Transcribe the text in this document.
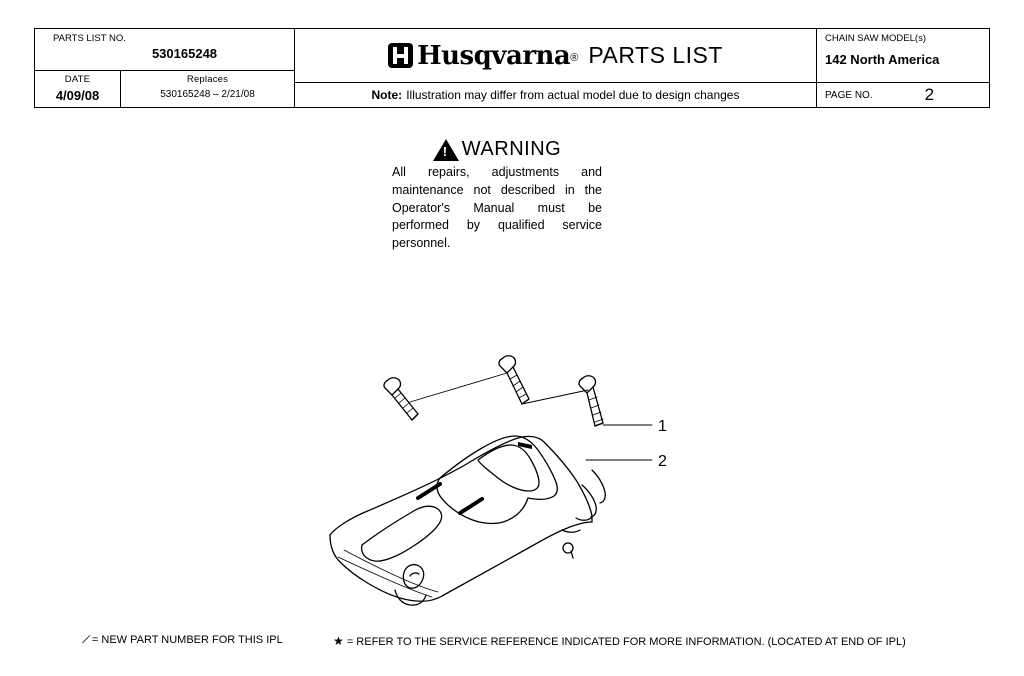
PARTS LIST NO.
530165248
DATE
4/09/08
Replaces
530165248 – 2/21/08
Husqvarna ® PARTS LIST
Note: Illustration may differ from actual model due to design changes
CHAIN SAW MODEL(s)
142 North America
PAGE NO.	2
!
WARNING
All repairs, adjustments and maintenance not described in the Operator's Manual must be performed by qualified service personnel.
1
2
⁄ = NEW PART NUMBER FOR THIS IPL	★ = REFER TO THE SERVICE REFERENCE INDICATED FOR MORE INFORMATION. (LOCATED AT END OF IPL)
